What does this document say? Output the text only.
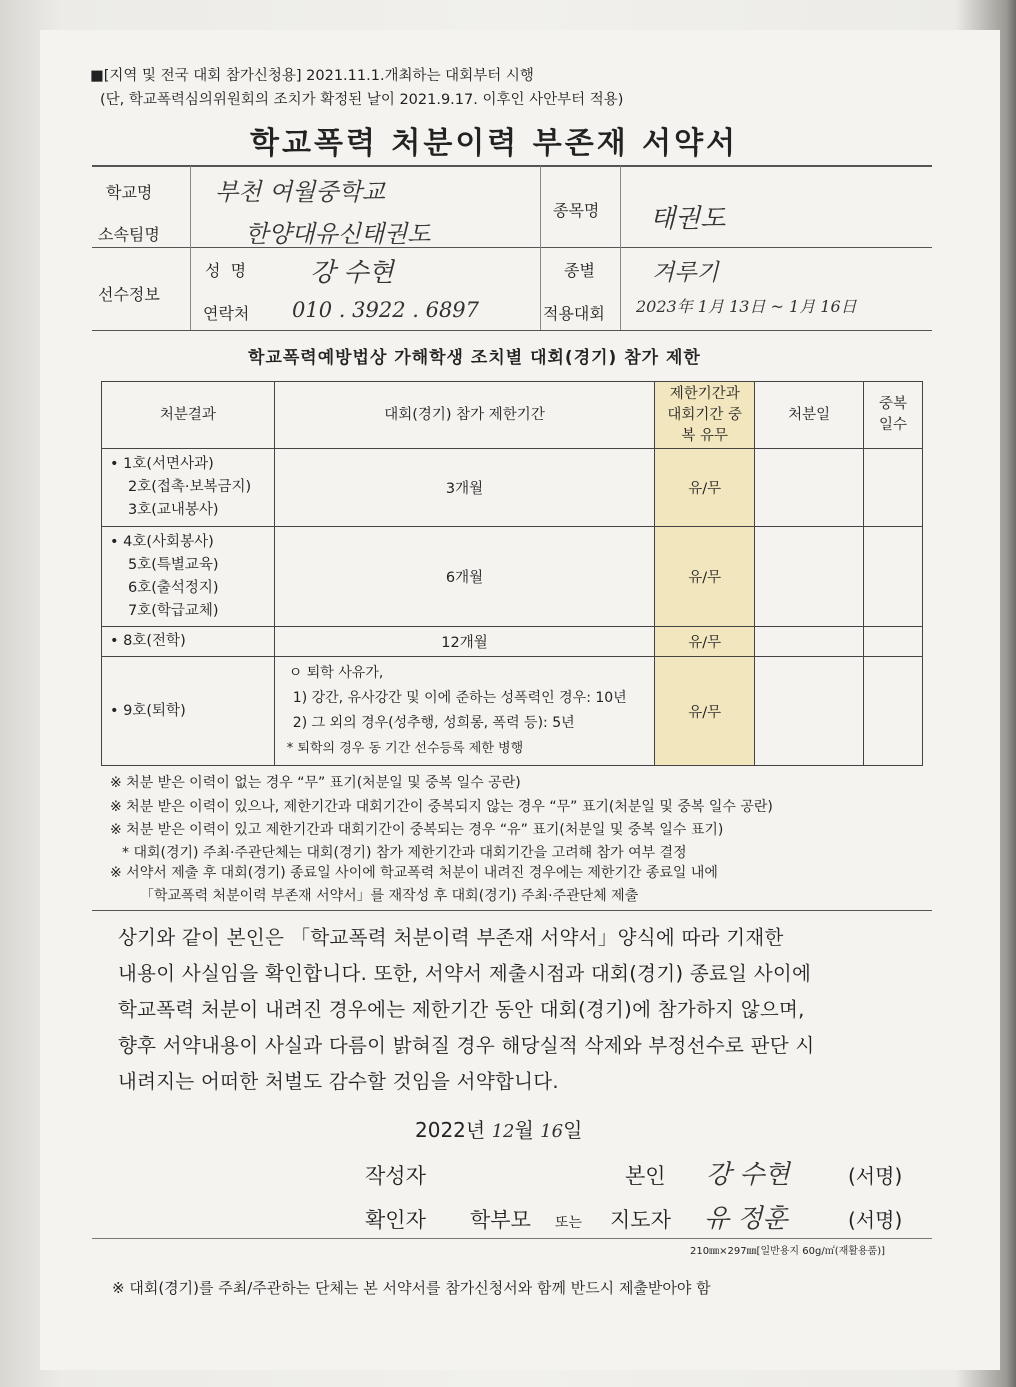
■[지역 및 전국 대회 참가신청용] 2021.11.1.개최하는 대회부터 시행
(단, 학교폭력심의위원회의 조치가 확정된 날이 2021.9.17. 이후인 사안부터 적용)
학교폭력 처분이력 부존재 서약서
학교명	부천 여월중학교
소속팀명	한양대유신태권도
종목명 태권도
선수정보
성  명 강 수현
연락처 010 . 3922 . 6897
종별 겨루기
적용대회 2023年 1月 13日 ~ 1月 16日
학교폭력예방법상 가해학생 조치별 대회(경기) 참가 제한
처분결과	대회(경기) 참가 제한기간	제한기간과 대회기간 중복 유무	처분일	중복 일수

• 1호(서면사과)
2호(접촉·보복금지)
3호(교내봉사)	3개월	유/무		

• 4호(사회봉사)
5호(특별교육)
6호(출석정지)
7호(학급교체)	6개월	유/무		

• 8호(전학)	12개월	유/무		

• 9호(퇴학)	ㅇ 퇴학 사유가,
1) 강간, 유사강간 및 이에 준하는 성폭력인 경우: 10년
2) 그 외의 경우(성추행, 성희롱, 폭력 등): 5년
* 퇴학의 경우 동 기간 선수등록 제한 병행	유/무		
※ 처분 받은 이력이 없는 경우 “무” 표기(처분일 및 중복 일수 공란)
※ 처분 받은 이력이 있으나, 제한기간과 대회기간이 중복되지 않는 경우 “무” 표기(처분일 및 중복 일수 공란)
※ 처분 받은 이력이 있고 제한기간과 대회기간이 중복되는 경우 “유” 표기(처분일 및 중복 일수 표기)
* 대회(경기) 주최·주관단체는 대회(경기) 참가 제한기간과 대회기간을 고려해 참가 여부 결정
※ 서약서 제출 후 대회(경기) 종료일 사이에 학교폭력 처분이 내려진 경우에는 제한기간 종료일 내에
「학교폭력 처분이력 부존재 서약서」를 재작성 후 대회(경기) 주최·주관단체 제출
상기와 같이 본인은 「학교폭력 처분이력 부존재 서약서」양식에 따라 기재한
내용이 사실임을 확인합니다. 또한, 서약서 제출시점과 대회(경기) 종료일 사이에
학교폭력 처분이 내려진 경우에는 제한기간 동안 대회(경기)에 참가하지 않으며,
향후 서약내용이 사실과 다름이 밝혀질 경우 해당실적 삭제와 부정선수로 판단 시
내려지는 어떠한 처벌도 감수할 것임을 서약합니다.
2022년 12월 16일
작성자	본인 강 수현	(서명)
확인자 학부모 또는 지도자 유 정훈	(서명)
210㎜×297㎜[일반용지 60g/㎡(재활용품)]
※ 대회(경기)를 주최/주관하는 단체는 본 서약서를 참가신청서와 함께 반드시 제출받아야 함
